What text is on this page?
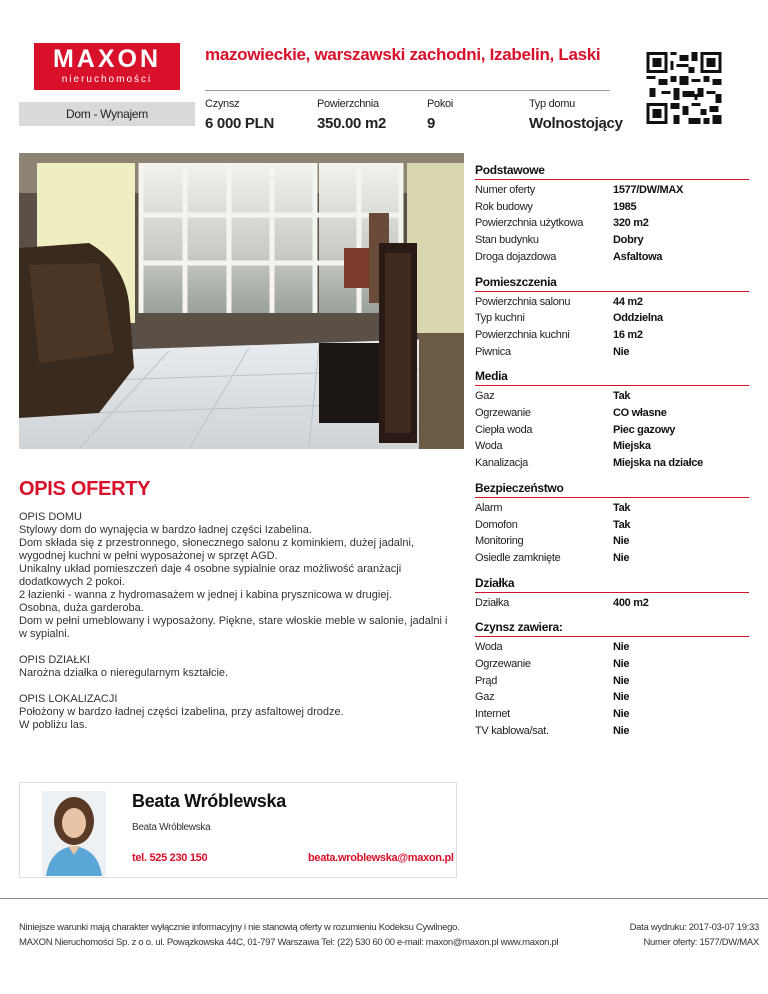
MAXON
nieruchomości
mazowieckie, warszawski zachodni, Izabelin, Laski
Dom - Wynajem
Czynsz
6 000 PLN
Powierzchnia
350.00 m2
Pokoi
9
Typ domu
Wolnostojący
Podstawowe
Numer oferty	1577/DW/MAX
Rok budowy	1985
Powierzchnia użytkowa	320 m2
Stan budynku	Dobry
Droga dojazdowa	Asfaltowa
Pomieszczenia
Powierzchnia salonu	44 m2
Typ kuchni	Oddzielna
Powierzchnia kuchni	16 m2
Piwnica	Nie
Media
Gaz	Tak
Ogrzewanie	CO własne
Ciepła woda	Piec gazowy
Woda	Miejska
Kanalizacja	Miejska na działce
Bezpieczeństwo
Alarm	Tak
Domofon	Tak
Monitoring	Nie
Osiedle zamknięte	Nie
Działka
Działka	400 m2
Czynsz zawiera:
Woda	Nie
Ogrzewanie	Nie
Prąd	Nie
Gaz	Nie
Internet	Nie
TV kablowa/sat.	Nie
OPIS OFERTY

OPIS DOMU
Stylowy dom do wynajęcia w bardzo ładnej części Izabelina.
Dom składa się z przestronnego, słonecznego salonu z kominkiem, dużej jadalni, wygodnej kuchni w pełni wyposażonej w sprzęt AGD.
Unikalny układ pomieszczeń daje 4 osobne sypialnie oraz możliwość aranżacji dodatkowych 2 pokoi.
2 łazienki - wanna z hydromasażem w jednej i kabina prysznicowa w drugiej.
Osobna, duża garderoba.
Dom w pełni umeblowany i wyposażony. Piękne, stare włoskie meble w salonie, jadalni i w sypialni.

OPIS DZIAŁKI
Narożna działka o nieregularnym kształcie.

OPIS LOKALIZACJI
Położony w bardzo ładnej części Izabelina, przy asfaltowej drodze.
W pobliżu las.

Beata Wróblewska
Beata Wróblewska
tel. 525 230 150	beata.wroblewska@maxon.pl
Niniejsze warunki mają charakter wyłącznie informacyjny i nie stanowią oferty w rozumieniu Kodeksu Cywilnego.
MAXON Nieruchomości Sp. z o o. ul. Powązkowska 44C, 01-797 Warszawa Tel: (22) 530 60 00 e-mail: maxon@maxon.pl www.maxon.pl
Data wydruku: 2017-03-07 19:33
Numer oferty: 1577/DW/MAX
